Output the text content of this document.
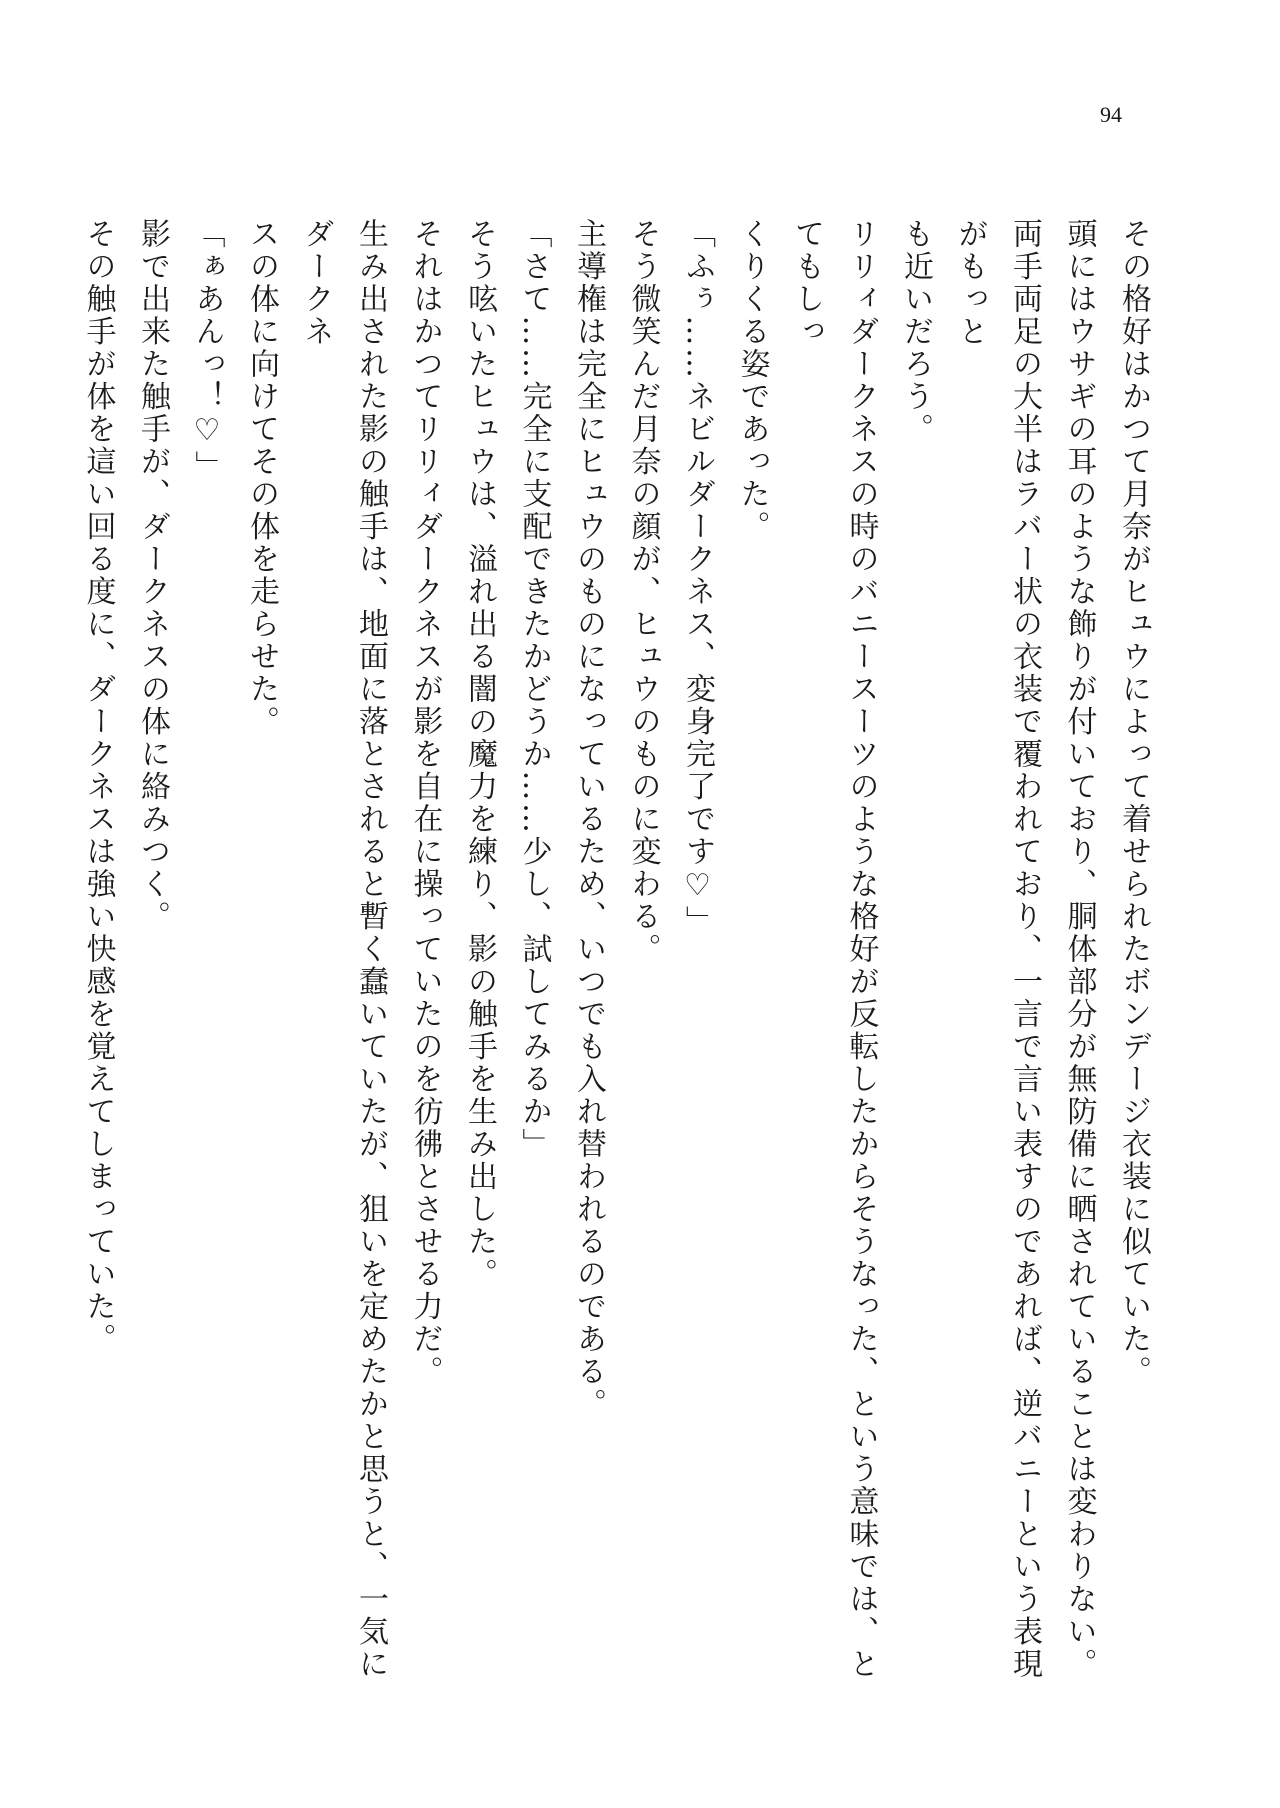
94

その格好はかつて月奈がヒュウによって着せられたボンデージ衣装に似ていた。

頭にはウサギの耳のような飾りが付いており、胴体部分が無防備に晒されていることは変わりない。

両手両足の大半はラバー状の衣装で覆われており、一言で言い表すのであれば、逆バニーという表現がもっと

も近いだろう。

リリィダークネスの時のバニースーツのような格好が反転したからそうなった、という意味では、とてもしっ

くりくる姿であった。

「ふぅ……ネビルダークネス、変身完了です♡」

そう微笑んだ月奈の顔が、ヒュウのものに変わる。

主導権は完全にヒュウのものになっているため、いつでも入れ替われるのである。

「さて……完全に支配できたかどうか……少し、試してみるか」

そう呟いたヒュウは、溢れ出る闇の魔力を練り、影の触手を生み出した。

それはかつてリリィダークネスが影を自在に操っていたのを彷彿とさせる力だ。

生み出された影の触手は、地面に落とされると暫く蠢いていたが、狙いを定めたかと思うと、一気にダークネ

スの体に向けてその体を走らせた。

「ぁあんっ！♡」

影で出来た触手が、ダークネスの体に絡みつく。

その触手が体を這い回る度に、ダークネスは強い快感を覚えてしまっていた。
